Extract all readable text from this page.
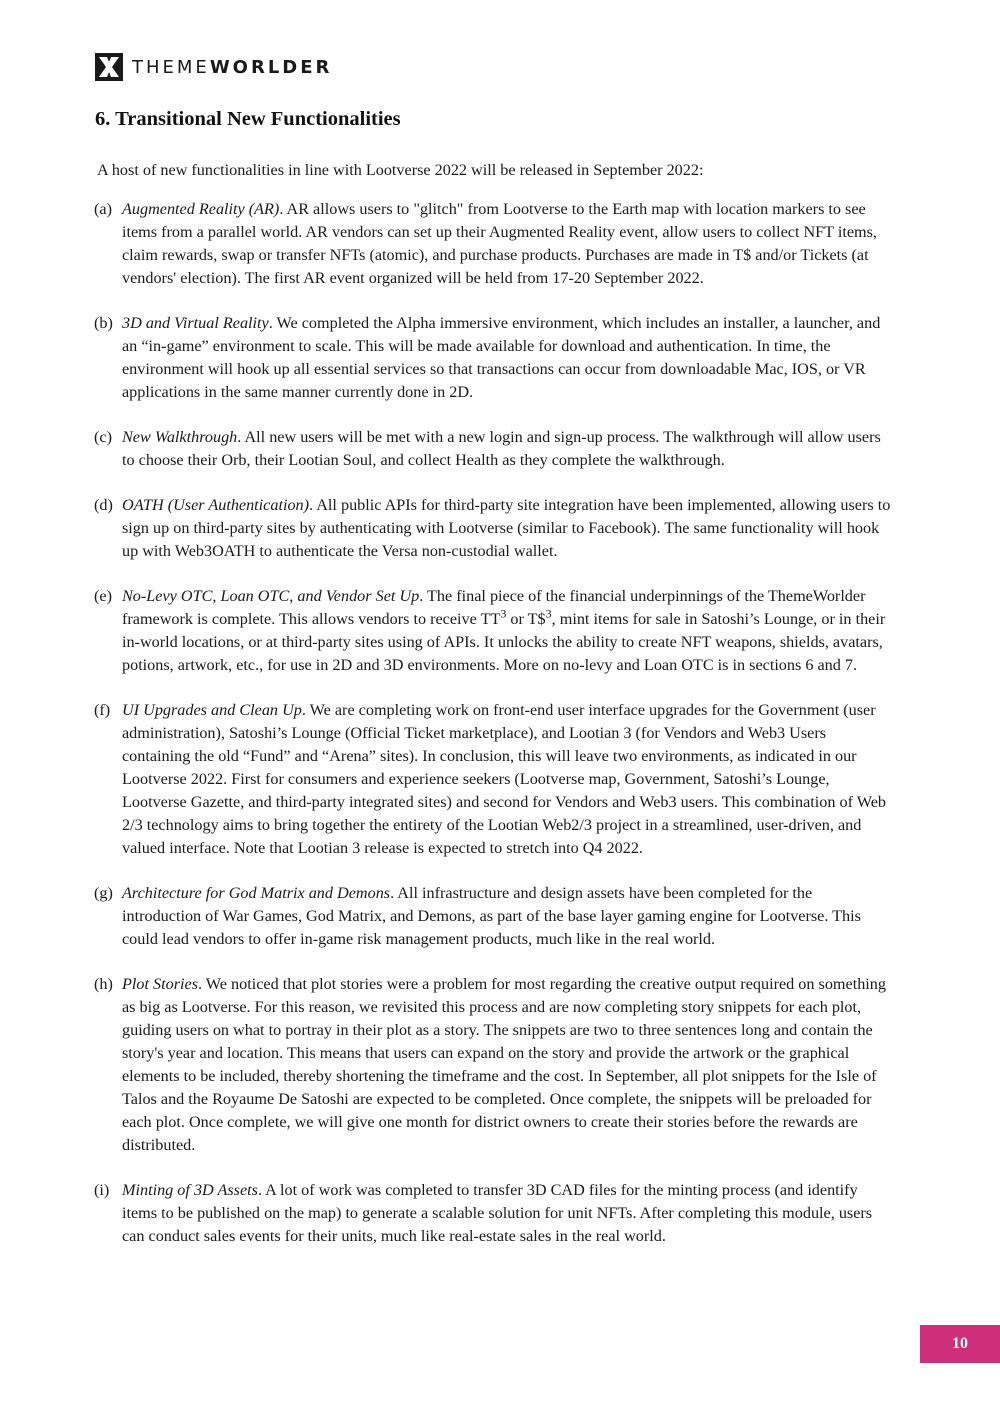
THEMEWORLDER
6. Transitional New Functionalities

A host of new functionalities in line with Lootverse 2022 will be released in September 2022:

(a) Augmented Reality (AR). AR allows users to "glitch" from Lootverse to the Earth map with location markers to see items from a parallel world. AR vendors can set up their Augmented Reality event, allow users to collect NFT items, claim rewards, swap or transfer NFTs (atomic), and purchase products. Purchases are made in T$ and/or Tickets (at vendors' election). The first AR event organized will be held from 17-20 September 2022.
(b) 3D and Virtual Reality. We completed the Alpha immersive environment, which includes an installer, a launcher, and an “in-game” environment to scale. This will be made available for download and authentication. In time, the environment will hook up all essential services so that transactions can occur from downloadable Mac, IOS, or VR applications in the same manner currently done in 2D.
(c) New Walkthrough. All new users will be met with a new login and sign-up process. The walkthrough will allow users to choose their Orb, their Lootian Soul, and collect Health as they complete the walkthrough.
(d) OATH (User Authentication). All public APIs for third-party site integration have been implemented, allowing users to sign up on third-party sites by authenticating with Lootverse (similar to Facebook). The same functionality will hook up with Web3OATH to authenticate the Versa non-custodial wallet.
(e) No-Levy OTC, Loan OTC, and Vendor Set Up. The final piece of the financial underpinnings of the ThemeWorlder framework is complete. This allows vendors to receive $TT^3$ or T\$$^3$, mint items for sale in Satoshi’s Lounge, or in their in-world locations, or at third-party sites using of APIs. It unlocks the ability to create NFT weapons, shields, avatars, potions, artwork, etc., for use in 2D and 3D environments. More on no-levy and Loan OTC is in sections 6 and 7.
(f) UI Upgrades and Clean Up. We are completing work on front-end user interface upgrades for the Government (user administration), Satoshi’s Lounge (Official Ticket marketplace), and Lootian 3 (for Vendors and Web3 Users containing the old “Fund” and “Arena” sites). In conclusion, this will leave two environments, as indicated in our Lootverse 2022. First for consumers and experience seekers (Lootverse map, Government, Satoshi’s Lounge, Lootverse Gazette, and third-party integrated sites) and second for Vendors and Web3 users. This combination of Web 2/3 technology aims to bring together the entirety of the Lootian Web2/3 project in a streamlined, user-driven, and valued interface. Note that Lootian 3 release is expected to stretch into Q4 2022.
(g) Architecture for God Matrix and Demons. All infrastructure and design assets have been completed for the introduction of War Games, God Matrix, and Demons, as part of the base layer gaming engine for Lootverse. This could lead vendors to offer in-game risk management products, much like in the real world.
(h) Plot Stories. We noticed that plot stories were a problem for most regarding the creative output required on something as big as Lootverse. For this reason, we revisited this process and are now completing story snippets for each plot, guiding users on what to portray in their plot as a story. The snippets are two to three sentences long and contain the story's year and location. This means that users can expand on the story and provide the artwork or the graphical elements to be included, thereby shortening the timeframe and the cost. In September, all plot snippets for the Isle of Talos and the Royaume De Satoshi are expected to be completed. Once complete, the snippets will be preloaded for each plot. Once complete, we will give one month for district owners to create their stories before the rewards are distributed.
(i) Minting of 3D Assets. A lot of work was completed to transfer 3D CAD files for the minting process (and identify items to be published on the map) to generate a scalable solution for unit NFTs. After completing this module, users can conduct sales events for their units, much like real-estate sales in the real world.
10
